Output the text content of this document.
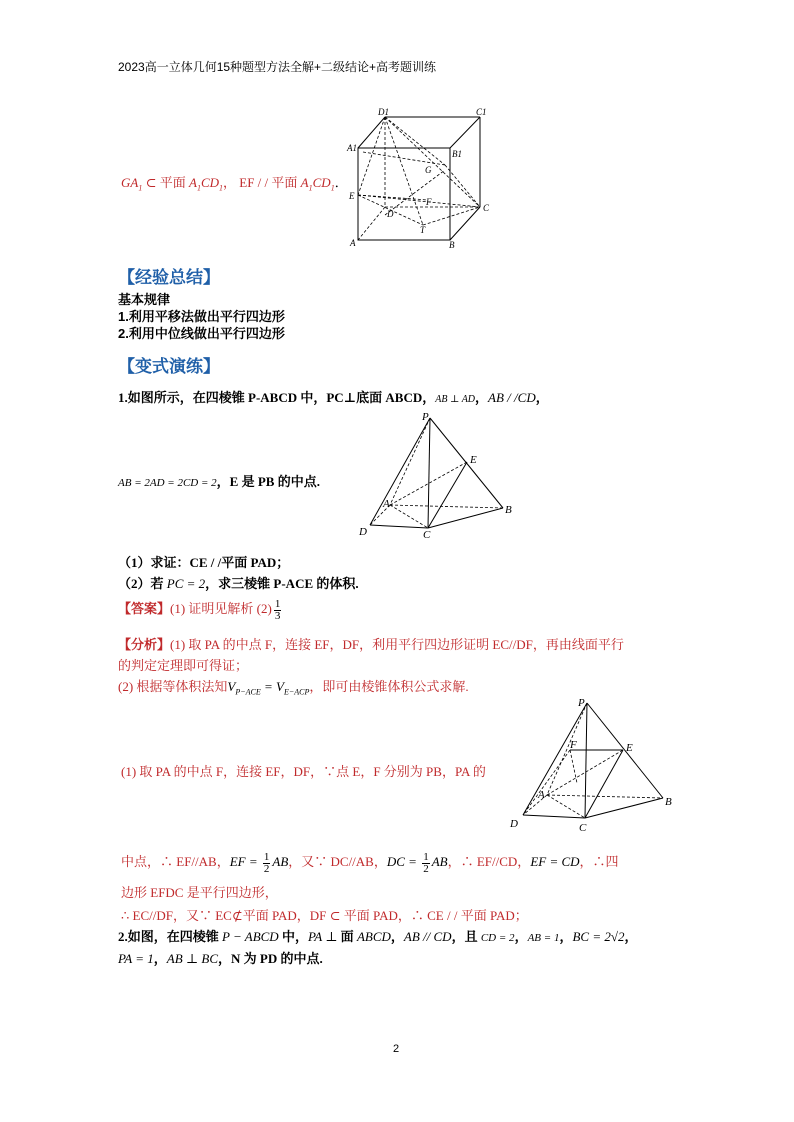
2023高一立体几何15种题型方法全解+二级结论+高考题训练
$GA_1$ ⊂ 平面 $A_1CD_1$， EF / / 平面 $A_1CD_1$．
D1	C1
A1
B1
G
F
E
D
C
A
T
B
【经验总结】
基本规律
1.利用平移法做出平行四边形
2.利用中位线做出平行四边形
【变式演练】
1.如图所示，在四棱锥 P-ABCD 中，PC⊥底面 ABCD，AB ⊥ AD，AB / /CD，
AB = 2AD = 2CD = 2，E 是 PB 的中点.
P
E
A	B
D	C
（1）求证：CE / /平面 PAD；
（2）若 PC = 2，求三棱锥 P-ACE 的体积.
【答案】(1) 证明见解析 $(2) \frac{1}{3}$
【分析】(1) 取 PA 的中点 F，连接 EF，DF，利用平行四边形证明 EC//DF，再由线面平行
的判定定理即可得证；
(2) 根据等体积法知$V_{P-ACE} = V_{E-ACP}$，即可由棱锥体积公式求解.
P
F	E
A
B
D	C
(1) 取 PA 的中点 F，连接 EF，DF，∵点 E，F 分别为 PB，PA 的
中点，∴ EF//AB，EF = $\frac{1}{2}$ AB，又∵ DC//AB，DC = $\frac{1}{2}$ AB，∴ EF//CD，EF = CD，∴四
边形 EFDC 是平行四边形，
∴ EC//DF，又∵ EC⊄平面 PAD，DF ⊂ 平面 PAD，∴ CE / / 平面 PAD；
2.如图，在四棱锥 P − ABCD 中，PA ⊥ 面 ABCD，AB // CD，且 CD = 2，AB = 1，BC = 2√2，
PA = 1，AB ⊥ BC，N 为 PD 的中点.
2
